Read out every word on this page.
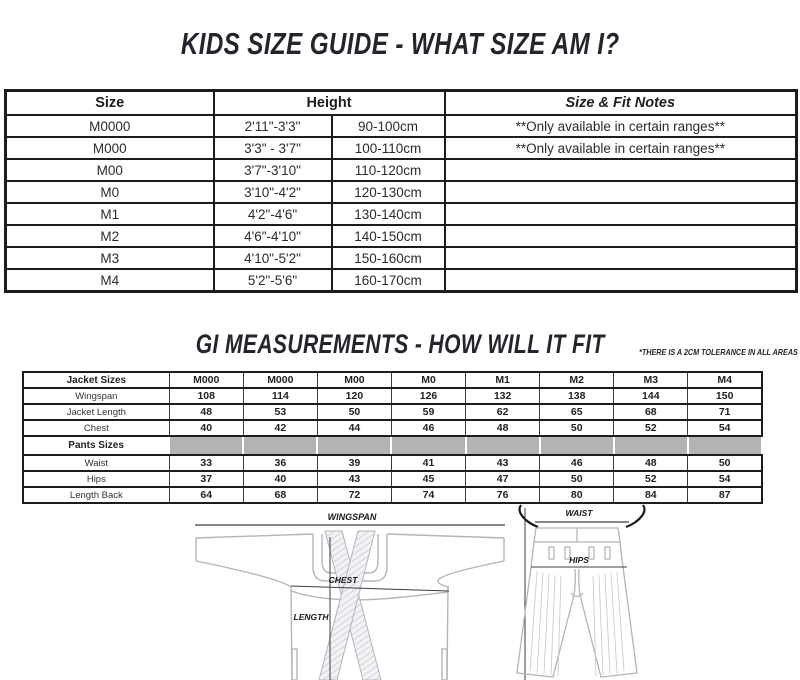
KIDS SIZE GUIDE - WHAT SIZE AM I?
Size	Height		Size & Fit Notes
M0000	2'11"-3'3"	90-100cm	**Only available in certain ranges**
M000	3'3" - 3'7"	100-110cm	**Only available in certain ranges**
M00	3'7"-3'10"	110-120cm	
M0	3'10"-4'2"	120-130cm	
M1	4'2"-4'6"	130-140cm	
M2	4'6"-4'10"	140-150cm	
M3	4'10"-5'2"	150-160cm	
M4	5'2"-5'6"	160-170cm	
GI MEASUREMENTS - HOW WILL IT FIT	*THERE IS A 2CM TOLERANCE IN ALL AREAS
Jacket Sizes	M000	M000	M00	M0	M1	M2	M3	M4
Wingspan	108	114	120	126	132	138	144	150
Jacket Length	48	53	50	59	62	65	68	71
Chest	40	42	44	46	48	50	52	54
Pants Sizes								
Waist	33	36	39	41	43	46	48	50
Hips	37	40	43	45	47	50	52	54
Length Back	64	68	72	74	76	80	84	87
WINGSPAN
CHEST
LENGTH
WAIST
HIPS
